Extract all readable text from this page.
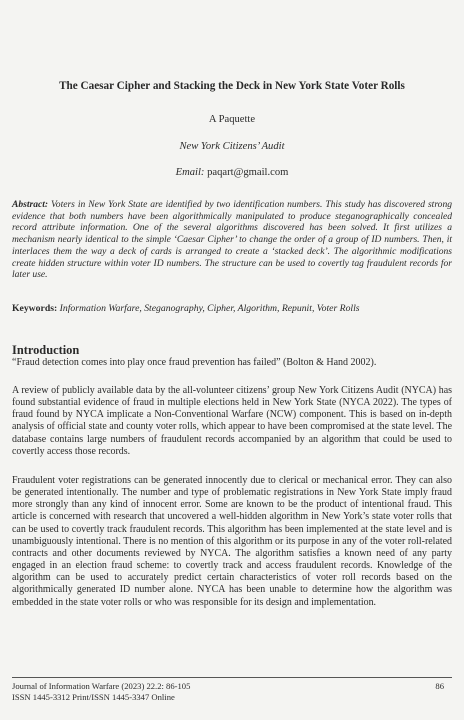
The Caesar Cipher and Stacking the Deck in New York State Voter Rolls
A Paquette
New York Citizens’ Audit
Email: paqart@gmail.com
Abstract: Voters in New York State are identified by two identification numbers. This study has discovered strong evidence that both numbers have been algorithmically manipulated to produce steganographically concealed record attribute information. One of the several algorithms discovered has been solved. It first utilizes a mechanism nearly identical to the simple ‘Caesar Cipher’ to change the order of a group of ID numbers. Then, it interlaces them the way a deck of cards is arranged to create a ‘stacked deck’. The algorithmic modifications create hidden structure within voter ID numbers. The structure can be used to covertly tag fraudulent records for later use.
Keywords: Information Warfare, Steganography, Cipher, Algorithm, Repunit, Voter Rolls
Introduction
“Fraud detection comes into play once fraud prevention has failed” (Bolton & Hand 2002).
A review of publicly available data by the all-volunteer citizens’ group New York Citizens Audit (NYCA) has found substantial evidence of fraud in multiple elections held in New York State (NYCA 2022). The types of fraud found by NYCA implicate a Non-Conventional Warfare (NCW) component. This is based on in-depth analysis of official state and county voter rolls, which appear to have been compromised at the state level. The database contains large numbers of fraudulent records accompanied by an algorithm that could be used to covertly access those records.
Fraudulent voter registrations can be generated innocently due to clerical or mechanical error. They can also be generated intentionally. The number and type of problematic registrations in New York State imply fraud more strongly than any kind of innocent error. Some are known to be the product of intentional fraud. This article is concerned with research that uncovered a well-hidden algorithm in New York’s state voter rolls that can be used to covertly track fraudulent records. This algorithm has been implemented at the state level and is unambiguously intentional. There is no mention of this algorithm or its purpose in any of the voter roll-related contracts and other documents reviewed by NYCA. The algorithm satisfies a known need of any party engaged in an election fraud scheme: to covertly track and access fraudulent records. Knowledge of the algorithm can be used to accurately predict certain characteristics of voter roll records based on the algorithmically generated ID number alone. NYCA has been unable to determine how the algorithm was embedded in the state voter rolls or who was responsible for its design and implementation.
Journal of Information Warfare (2023) 22.2: 86-105
ISSN 1445-3312 Print/ISSN 1445-3347 Online
86
